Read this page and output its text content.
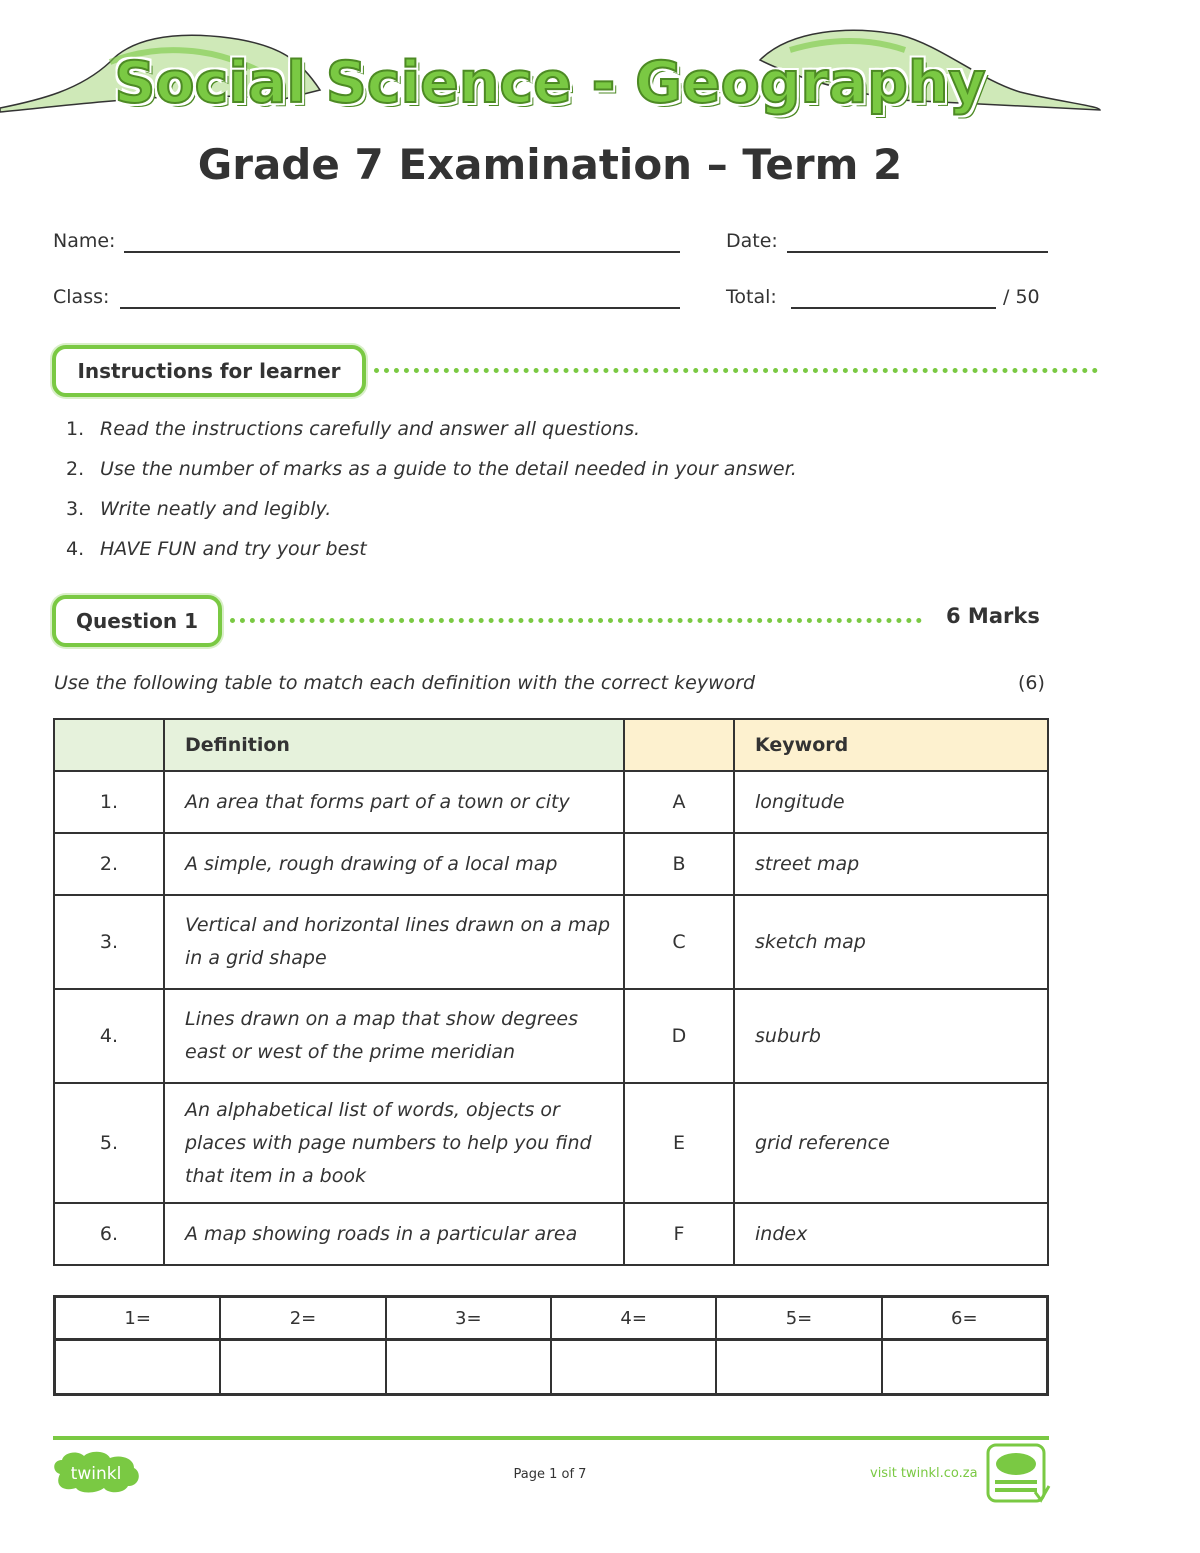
Social Science - Geography
Grade 7 Examination – Term 2
Name:	Date:
Class:	Total:	/ 50
Instructions for learner
1. Read the instructions carefully and answer all questions.
2. Use the number of marks as a guide to the detail needed in your answer.
3. Write neatly and legibly.
4. HAVE FUN and try your best
Question 1	6 Marks
Use the following table to match each definition with the correct keyword	(6)
	Definition		Keyword
1.	An area that forms part of a town or city	A	longitude
2.	A simple, rough drawing of a local map	B	street map
3.	Vertical and horizontal lines drawn on a map in a grid shape	C	sketch map
4.	Lines drawn on a map that show degrees east or west of the prime meridian	D	suburb
5.	An alphabetical list of words, objects or places with page numbers to help you find that item in a book	E	grid reference
6.	A map showing roads in a particular area	F	index
1=	2=	3=	4=	5=	6=

twinkl	Page 1 of 7	visit twinkl.co.za
